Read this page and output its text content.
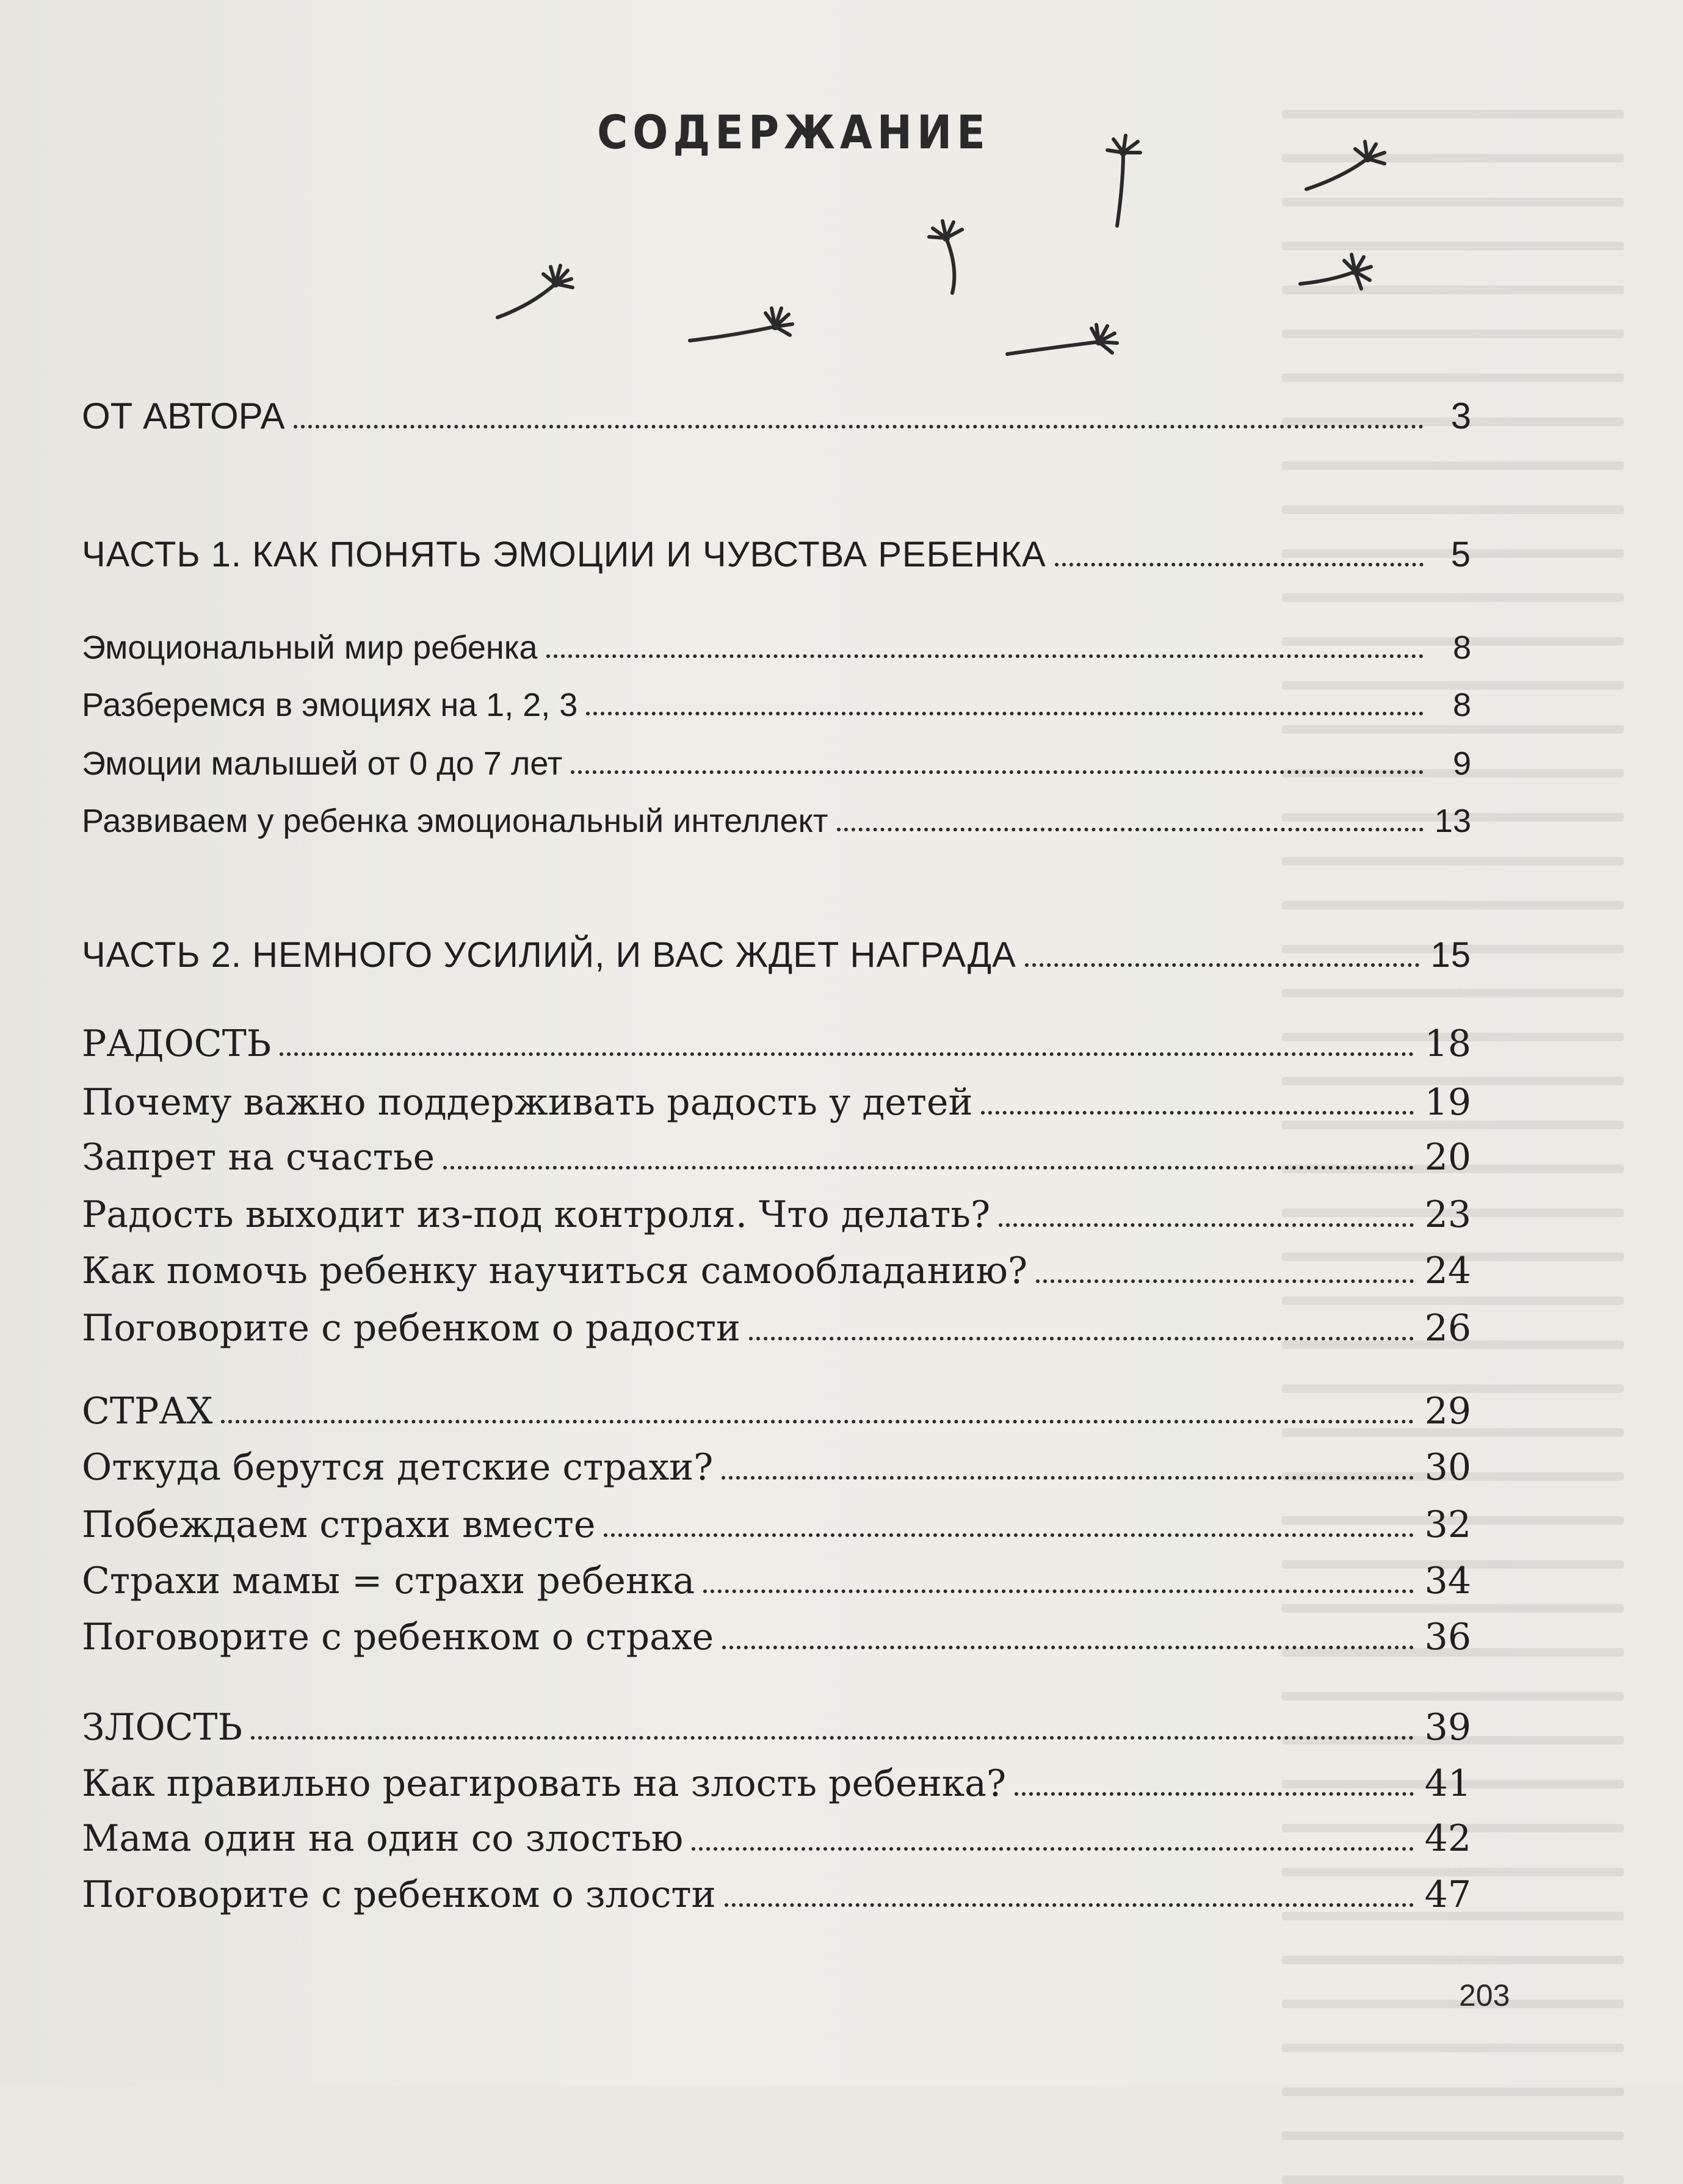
СОДЕРЖАНИЕ
ОТ АВТОРА	3
ЧАСТЬ 1. КАК ПОНЯТЬ ЭМОЦИИ И ЧУВСТВА РЕБЕНКА	5
Эмоциональный мир ребенка	8
Разберемся в эмоциях на 1, 2, 3	8
Эмоции малышей от 0 до 7 лет	9
Развиваем у ребенка эмоциональный интеллект	13
ЧАСТЬ 2. НЕМНОГО УСИЛИЙ, И ВАС ЖДЕТ НАГРАДА	15
РАДОСТЬ	18
Почему важно поддерживать радость у детей	19
Запрет на счастье	20
Радость выходит из-под контроля. Что делать?	23
Как помочь ребенку научиться самообладанию?	24
Поговорите с ребенком о радости	26
СТРАХ	29
Откуда берутся детские страхи?	30
Побеждаем страхи вместе	32
Страхи мамы = страхи ребенка	34
Поговорите с ребенком о страхе	36
ЗЛОСТЬ	39
Как правильно реагировать на злость ребенка?	41
Мама один на один со злостью	42
Поговорите с ребенком о злости	47
203
